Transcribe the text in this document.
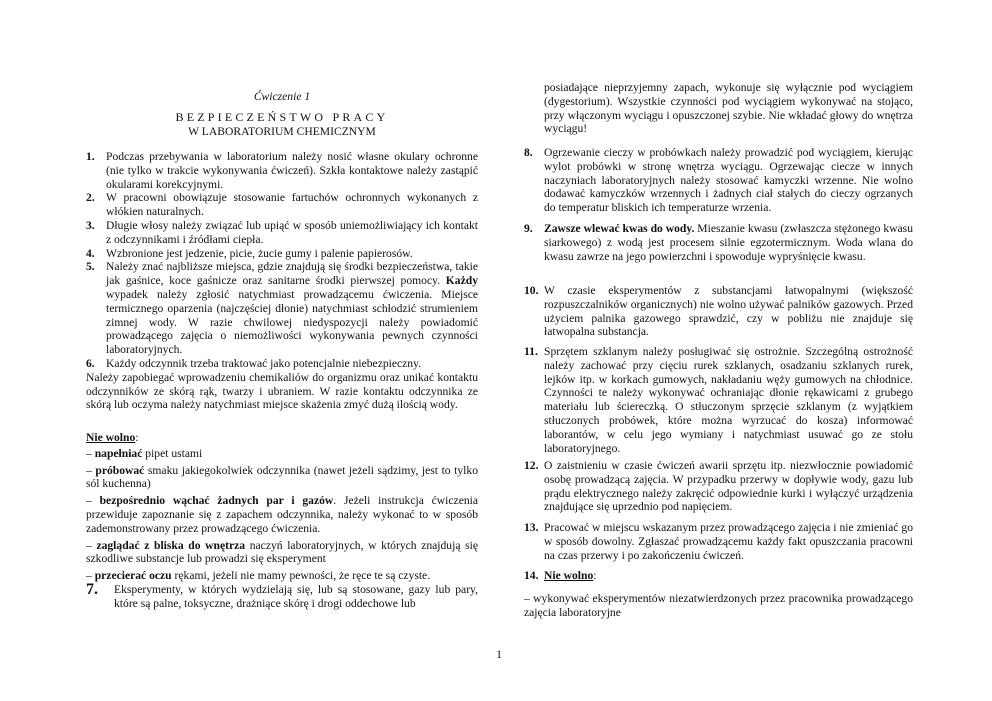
Ćwiczenie 1
BEZPIECZEŃSTWO PRACY
W LABORATORIUM CHEMICZNYM
1. Podczas przebywania w laboratorium należy nosić własne okulary ochronne (nie tylko w trakcie wykonywania ćwiczeń). Szkła kontaktowe należy zastąpić okularami korekcyjnymi.
2. W pracowni obowiązuje stosowanie fartuchów ochronnych wykonanych z włókien naturalnych.
3. Długie włosy należy związać lub upiąć w sposób uniemożliwiający ich kontakt z odczynnikami i źródłami ciepła.
4. Wzbronione jest jedzenie, picie, żucie gumy i palenie papierosów.
5. Należy znać najbliższe miejsca, gdzie znajdują się środki bezpieczeństwa, takie jak gaśnice, koce gaśnicze oraz sanitarne środki pierwszej pomocy. Każdy wypadek należy zgłosić natychmiast prowadzącemu ćwiczenia. Miejsce termicznego oparzenia (najczęściej dłonie) natychmiast schłodzić strumieniem zimnej wody. W razie chwilowej niedyspozycji należy powiadomić prowadzącego zajęcia o niemożliwości wykonywania pewnych czynności laboratoryjnych.
6. Każdy odczynnik trzeba traktować jako potencjalnie niebezpieczny.

Należy zapobiegać wprowadzeniu chemikaliów do organizmu oraz unikać kontaktu odczynników ze skórą rąk, twarzy i ubraniem. W razie kontaktu odczynnika ze skórą lub oczyma należy natychmiast miejsce skażenia zmyć dużą ilością wody.

Nie wolno:

– napełniać pipet ustami

– próbować smaku jakiegokolwiek odczynnika (nawet jeżeli sądzimy, jest to tylko sól kuchenna)

– bezpośrednio wąchać żadnych par i gazów. Jeżeli instrukcja ćwiczenia przewiduje zapoznanie się z zapachem odczynnika, należy wykonać to w sposób zademonstrowany przez prowadzącego ćwiczenia.

– zaglądać z bliska do wnętrza naczyń laboratoryjnych, w których znajdują się szkodliwe substancje lub prowadzi się eksperyment

– przecierać oczu rękami, jeżeli nie mamy pewności, że ręce te są czyste.

7.	Eksperymenty, w których wydzielają się, lub są stosowane, gazy lub pary, które są palne, toksyczne, drażniące skórę i drogi oddechowe lub
posiadające nieprzyjemny zapach, wykonuje się wyłącznie pod wyciągiem (dygestorium). Wszystkie czynności pod wyciągiem wykonywać na stojąco, przy włączonym wyciągu i opuszczonej szybie. Nie wkładać głowy do wnętrza wyciągu!
8. Ogrzewanie cieczy w probówkach należy prowadzić pod wyciągiem, kierując wylot probówki w stronę wnętrza wyciągu. Ogrzewając ciecze w innych naczyniach laboratoryjnych należy stosować kamyczki wrzenne. Nie wolno dodawać kamyczków wrzennych i żadnych ciał stałych do cieczy ogrzanych do temperatur bliskich ich temperaturze wrzenia.
9. Zawsze wlewać kwas do wody. Mieszanie kwasu (zwłaszcza stężonego kwasu siarkowego) z wodą jest procesem silnie egzotermicznym. Woda wlana do kwasu zawrze na jego powierzchni i spowoduje wypryśnięcie kwasu.
10. W czasie eksperymentów z substancjami łatwopalnymi (większość rozpuszczalników organicznych) nie wolno używać palników gazowych. Przed użyciem palnika gazowego sprawdzić, czy w pobliżu nie znajduje się łatwopalna substancja.
11. Sprzętem szklanym należy posługiwać się ostrożnie. Szczególną ostrożność należy zachować przy cięciu rurek szklanych, osadzaniu szklanych rurek, lejków itp. w korkach gumowych, nakładaniu węży gumowych na chłodnice. Czynności te należy wykonywać ochraniając dłonie rękawicami z grubego materiału lub ściereczką. O stłuczonym sprzęcie szklanym (z wyjątkiem stłuczonych probówek, które można wyrzucać do kosza) informować laborantów, w celu jego wymiany i natychmiast usuwać go ze stołu laboratoryjnego.
12. O zaistnieniu w czasie ćwiczeń awarii sprzętu itp. niezwłocznie powiadomić osobę prowadzącą zajęcia. W przypadku przerwy w dopływie wody, gazu lub prądu elektrycznego należy zakręcić odpowiednie kurki i wyłączyć urządzenia znajdujące się uprzednio pod napięciem.
13. Pracować w miejscu wskazanym przez prowadzącego zajęcia i nie zmieniać go w sposób dowolny. Zgłaszać prowadzącemu każdy fakt opuszczania pracowni na czas przerwy i po zakończeniu ćwiczeń.
14. Nie wolno:
– wykonywać eksperymentów niezatwierdzonych przez pracownika prowadzącego zajęcia laboratoryjne
1
